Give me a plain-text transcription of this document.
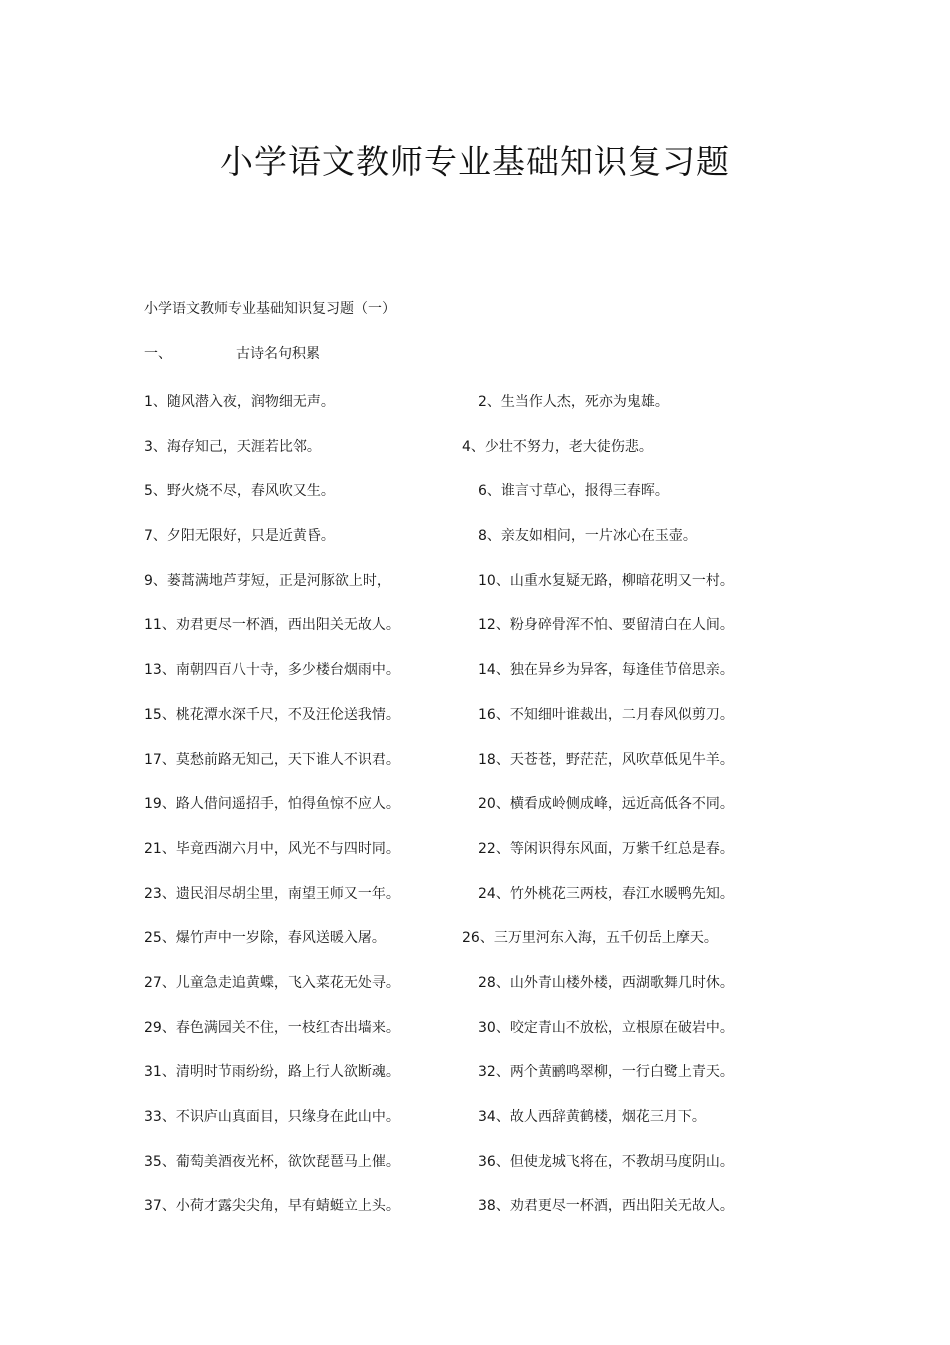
小学语文教师专业基础知识复习题
小学语文教师专业基础知识复习题（一）
一、	古诗名句积累
1、随风潜入夜，润物细无声。	2、生当作人杰，死亦为鬼雄。
3、海存知己，天涯若比邻。	4、少壮不努力，老大徒伤悲。
5、野火烧不尽，春风吹又生。	6、谁言寸草心，报得三春晖。
7、夕阳无限好，只是近黄昏。	8、亲友如相问，一片冰心在玉壶。
9、蒌蒿满地芦芽短，正是河豚欲上时，	10、山重水复疑无路，柳暗花明又一村。
11、劝君更尽一杯酒，西出阳关无故人。	12、粉身碎骨浑不怕、要留清白在人间。
13、南朝四百八十寺，多少楼台烟雨中。	14、独在异乡为异客，每逢佳节倍思亲。
15、桃花潭水深千尺，不及汪伦送我情。	16、不知细叶谁裁出，二月春风似剪刀。
17、莫愁前路无知己，天下谁人不识君。	18、天苍苍，野茫茫，风吹草低见牛羊。
19、路人借问遥招手，怕得鱼惊不应人。	20、横看成岭侧成峰，远近高低各不同。
21、毕竟西湖六月中，风光不与四时同。	22、等闲识得东风面，万紫千红总是春。
23、遗民泪尽胡尘里，南望王师又一年。	24、竹外桃花三两枝，春江水暖鸭先知。
25、爆竹声中一岁除，春风送暖入屠。	26、三万里河东入海，五千仞岳上摩天。
27、儿童急走追黄蝶，飞入菜花无处寻。	28、山外青山楼外楼，西湖歌舞几时休。
29、春色满园关不住，一枝红杏出墙来。	30、咬定青山不放松，立根原在破岩中。
31、清明时节雨纷纷，路上行人欲断魂。	32、两个黄鹂鸣翠柳，一行白鹭上青天。
33、不识庐山真面目，只缘身在此山中。	34、故人西辞黄鹤楼，烟花三月下。
35、葡萄美酒夜光杯，欲饮琵琶马上催。	36、但使龙城飞将在，不教胡马度阴山。
37、小荷才露尖尖角，早有蜻蜓立上头。	38、劝君更尽一杯酒，西出阳关无故人。
